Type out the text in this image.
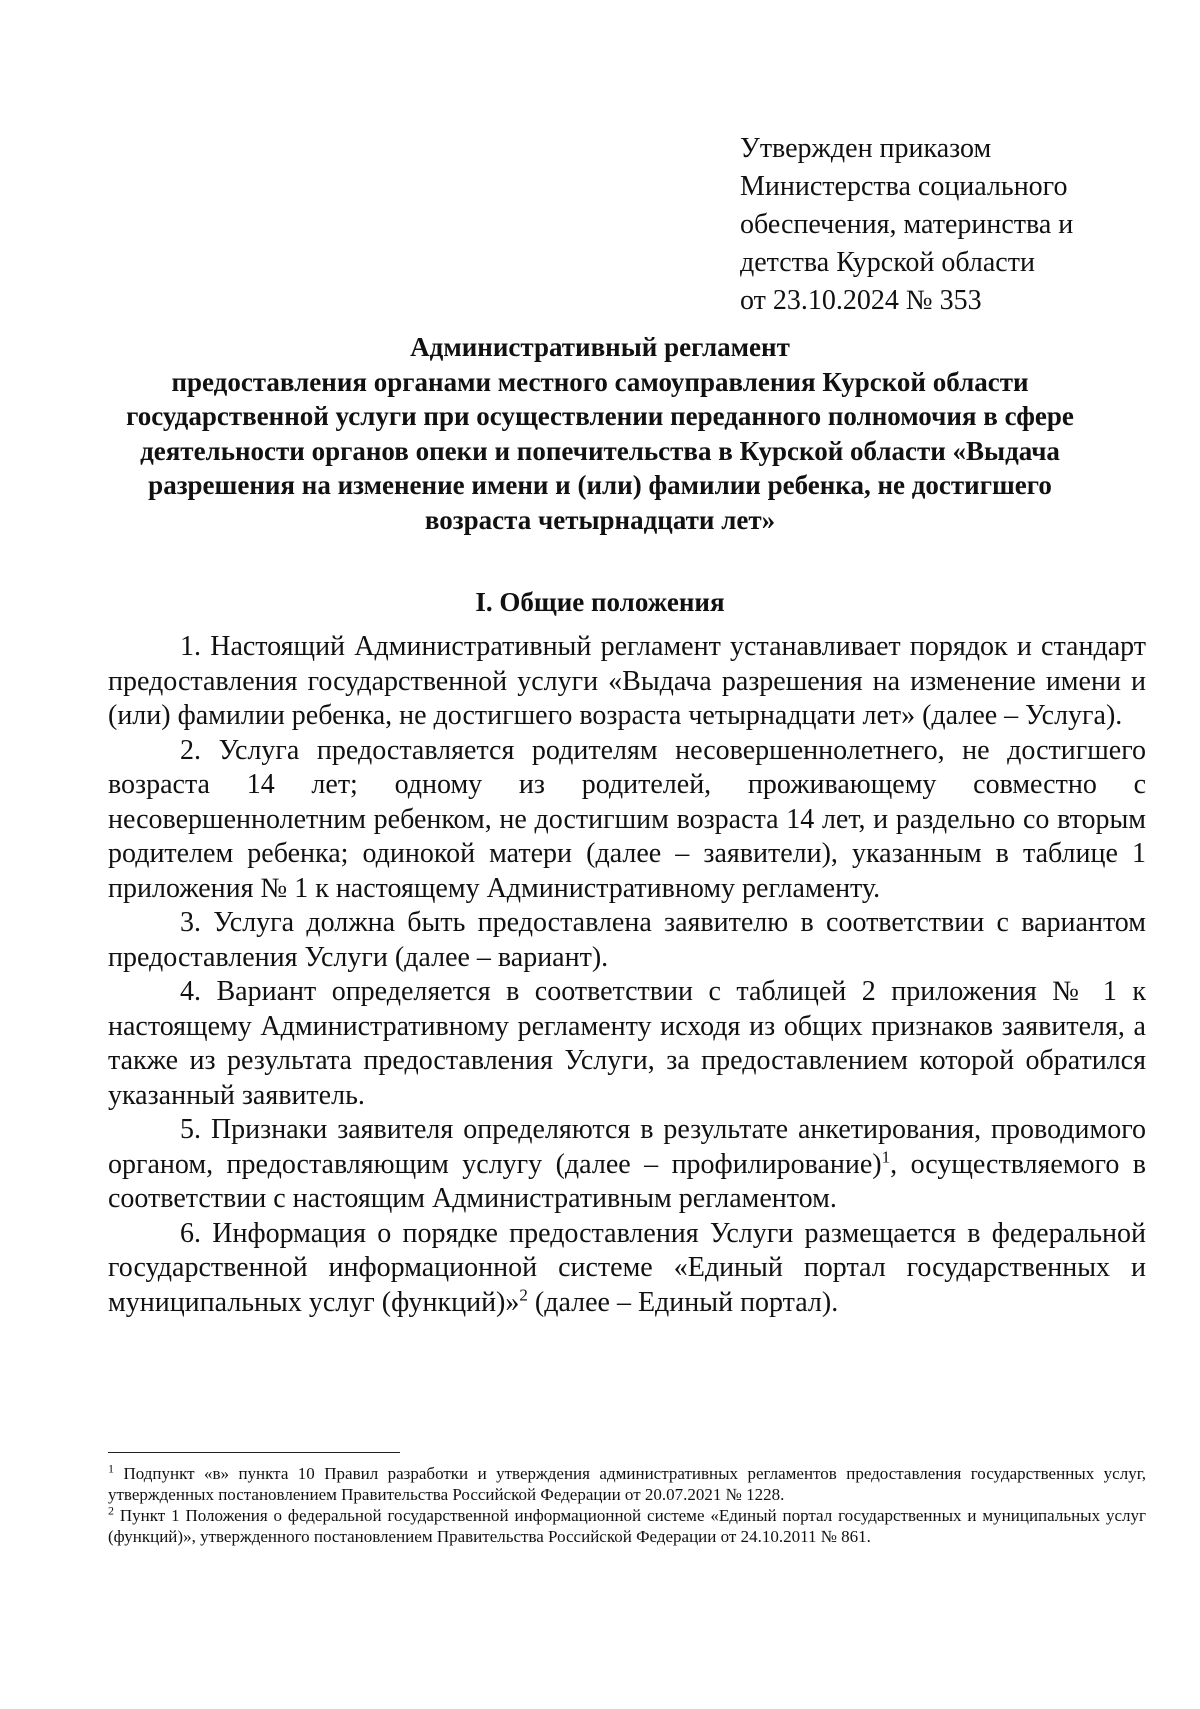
Утвержден приказом
Министерства социального
обеспечения, материнства и
детства Курской области
от 23.10.2024 № 353
Административный регламент
предоставления органами местного самоуправления Курской области
государственной услуги при осуществлении переданного полномочия в сфере
деятельности органов опеки и попечительства в Курской области «Выдача
разрешения на изменение имени и (или) фамилии ребенка, не достигшего
возраста четырнадцати лет»
I. Общие положения

1. Настоящий Административный регламент устанавливает порядок и стандарт предоставления государственной услуги «Выдача разрешения на изменение имени и (или) фамилии ребенка, не достигшего возраста четырнадцати лет» (далее – Услуга).

2. Услуга предоставляется родителям несовершеннолетнего, не достигшего возраста 14 лет; одному из родителей, проживающему совместно с несовершеннолетним ребенком, не достигшим возраста 14 лет, и раздельно со вторым родителем ребенка; одинокой матери (далее – заявители), указанным в таблице 1 приложения № 1 к настоящему Административному регламенту.

3. Услуга должна быть предоставлена заявителю в соответствии с вариантом предоставления Услуги (далее – вариант).

4. Вариант определяется в соответствии с таблицей 2 приложения № 1 к настоящему Административному регламенту исходя из общих признаков заявителя, а также из результата предоставления Услуги, за предоставлением которой обратился указанный заявитель.

5. Признаки заявителя определяются в результате анкетирования, проводимого органом, предоставляющим услугу (далее – профилирование)$^1$, осуществляемого в соответствии с настоящим Административным регламентом.

6. Информация о порядке предоставления Услуги размещается в федеральной государственной информационной системе «Единый портал государственных и муниципальных услуг (функций)»$^2$ (далее – Единый портал).

$^1$ Подпункт «в» пункта 10 Правил разработки и утверждения административных регламентов предоставления государственных услуг, утвержденных постановлением Правительства Российской Федерации от 20.07.2021 № 1228.

$^2$ Пункт 1 Положения о федеральной государственной информационной системе «Единый портал государственных и муниципальных услуг (функций)», утвержденного постановлением Правительства Российской Федерации от 24.10.2011 № 861.
